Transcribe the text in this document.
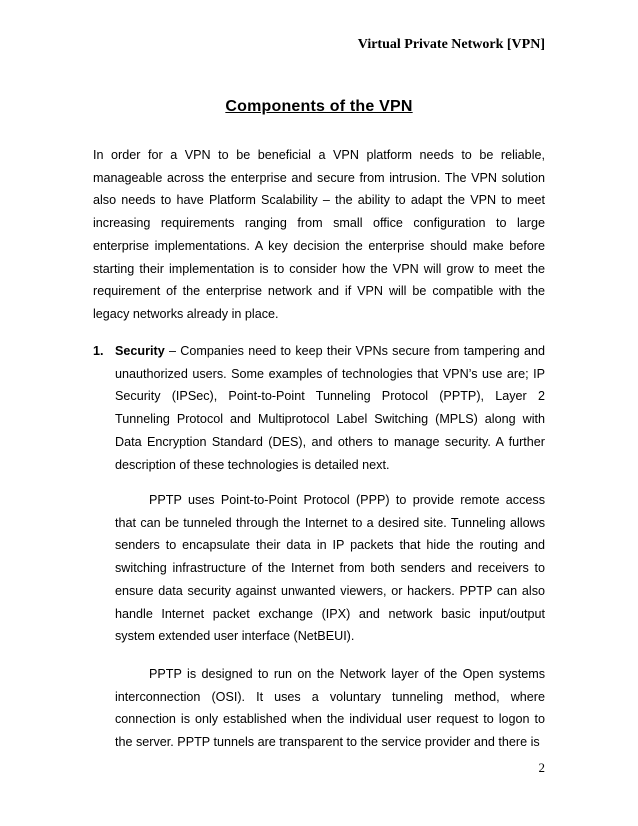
Virtual Private Network [VPN]
Components of the VPN

In order for a VPN to be beneficial a VPN platform needs to be reliable, manageable across the enterprise and secure from intrusion. The VPN solution also needs to have Platform Scalability – the ability to adapt the VPN to meet increasing requirements ranging from small office configuration to large enterprise implementations. A key decision the enterprise should make before starting their implementation is to consider how the VPN will grow to meet the requirement of the enterprise network and if VPN will be compatible with the legacy networks already in place.

1. Security – Companies need to keep their VPNs secure from tampering and unauthorized users. Some examples of technologies that VPN’s use are; IP Security (IPSec), Point-to-Point Tunneling Protocol (PPTP), Layer 2 Tunneling Protocol and Multiprotocol Label Switching (MPLS) along with Data Encryption Standard (DES), and others to manage security. A further description of these technologies is detailed next.

PPTP uses Point-to-Point Protocol (PPP) to provide remote access that can be tunneled through the Internet to a desired site. Tunneling allows senders to encapsulate their data in IP packets that hide the routing and switching infrastructure of the Internet from both senders and receivers to ensure data security against unwanted viewers, or hackers. PPTP can also handle Internet packet exchange (IPX) and network basic input/output system extended user interface (NetBEUI).

PPTP is designed to run on the Network layer of the Open systems interconnection (OSI). It uses a voluntary tunneling method, where connection is only established when the individual user request to logon to the server. PPTP tunnels are transparent to the service provider and there is

2
